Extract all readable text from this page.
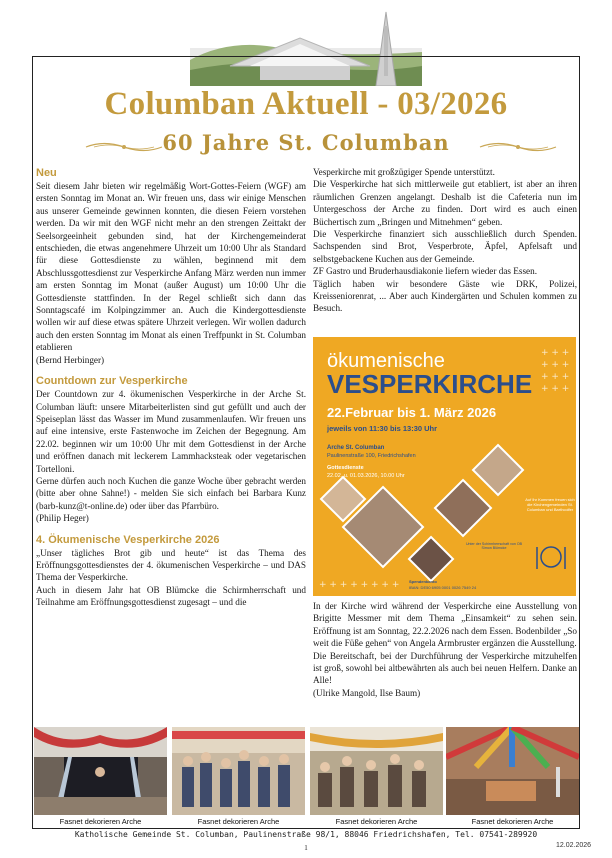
Columban Aktuell - 03/2026
60 Jahre St. Columban

Neu

Seit diesem Jahr bieten wir regelmäßig Wort-Gottes-Feiern (WGF) am ersten Sonntag im Monat an. Wir freuen uns, dass wir einige Menschen aus unserer Gemeinde gewinnen konnten, die diesen Feiern vorstehen werden. Da wir mit den WGF nicht mehr an den strengen Zeittakt der Seelsorgeeinheit gebunden sind, hat der Kirchengemeinderat entschieden, die etwas angenehmere Uhrzeit um 10:00 Uhr als Standard für diese Gottesdienste zu wählen, beginnend mit dem Abschlussgottesdienst zur Vesperkirche Anfang März werden nun immer am ersten Sonntag im Monat (außer August) um 10:00 Uhr die Gottesdienste stattfinden. In der Regel schließt sich dann das Sonntagscafé im Kolpingzimmer an. Auch die Kindergottesdienste wollen wir auf diese etwas spätere Uhrzeit verlegen. Wir wollen dadurch auch den ersten Sonntag im Monat als einen Treffpunkt in St. Columban etablieren

(Bernd Herbinger)

Countdown zur Vesperkirche

Der Countdown zur 4. ökumenischen Vesperkirche in der Arche St. Columban läuft: unsere Mitarbeiterlisten sind gut gefüllt und auch der Speiseplan lässt das Wasser im Mund zusammenlaufen. Wir freuen uns auf eine intensive, erste Fastenwoche im Zeichen der Begegnung. Am 22.02. beginnen wir um 10:00 Uhr mit dem Gottesdienst in der Arche und eröffnen danach mit leckerem Lammhacksteak oder vegetarischen Tortelloni.

Gerne dürfen auch noch Kuchen die ganze Woche über gebracht werden (bitte aber ohne Sahne!) - melden Sie sich einfach bei Barbara Kunz (barb-kunz@t-online.de) oder über das Pfarrbüro.

(Philip Heger)

4. Ökumenische Vesperkirche 2026

„Unser tägliches Brot gib und heute“ ist das Thema des Eröffnungsgottesdienstes der 4. ökumenischen Vesperkirche – und DAS Thema der Vesperkirche.

Auch in diesem Jahr hat OB Blümcke die Schirmherrschaft und Teilnahme am Eröffnungsgottesdienst zugesagt – und die

Vesperkirche mit großzügiger Spende unterstützt.

Die Vesperkirche hat sich mittlerweile gut etabliert, ist aber an ihren räumlichen Grenzen angelangt. Deshalb ist die Cafeteria nun im Untergeschoss der Arche zu finden. Dort wird es auch einen Büchertisch zum „Bringen und Mitnehmen“ geben.

Die Vesperkirche finanziert sich ausschließlich durch Spenden. Sachspenden sind Brot, Vesperbrote, Äpfel, Apfelsaft und selbstgebackene Kuchen aus der Gemeinde.

ZF Gastro und Bruderhausdiakonie liefern wieder das Essen.

Täglich haben wir besondere Gäste wie DRK, Polizei, Kreisseniorenrat, ... Aber auch Kindergärten und Schulen kommen zu Besuch.

+ + +
+ + +
+ + +
+ + +
+ + + + + + + +
ökumenische
VESPERKIRCHE
22.Februar bis 1. März 2026
jeweils von 11:30 bis 13:30 Uhr
Arche St. Columban
Paulinenstraße 100, Friedrichshafen
Gottesdienste
22.02. u. 01.03.2026, 10.00 Uhr
Auf Ihr Kommen freuen sich die Kirchengemeinden St. Columban und Barthcolfer
Unter der Schirmherrschaft von OB Simon Blümcke
Spendenkonto
IBAN: DE50 6905 0001 0026 7549 24

In der Kirche wird während der Vesperkirche eine Ausstellung von Brigitte Messmer mit dem Thema „Einsamkeit“ zu sehen sein. Eröffnung ist am Sonntag, 22.2.2026 nach dem Essen. Bodenbilder „So weit die Füße gehen“ von Angela Armbruster ergänzen die Ausstellung.

Die Bereitschaft, bei der Durchführung der Vesperkirche mitzuhelfen ist groß, sowohl bei altbewährten als auch bei neuen Helfern. Danke an Alle!

(Ulrike Mangold, Ilse Baum)

Fasnet dekorieren Arche	Fasnet dekorieren Arche	Fasnet dekorieren Arche	Fasnet dekorieren Arche
Katholische Gemeinde St. Columban, Paulinenstraße 98/1, 88046 Friedrichshafen, Tel. 07541-289920
1	12.02.2026
